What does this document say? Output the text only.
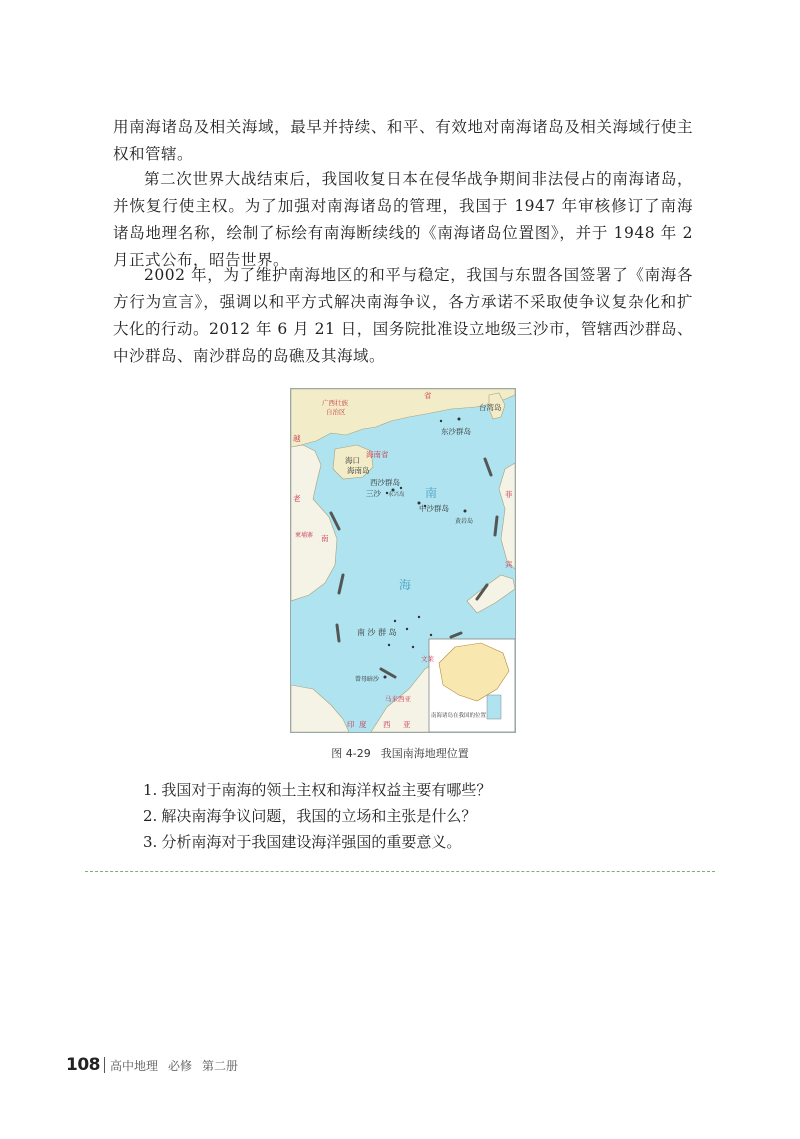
用南海诸岛及相关海域，最早并持续、和平、有效地对南海诸岛及相关海域行使主权和管辖。

第二次世界大战结束后，我国收复日本在侵华战争期间非法侵占的南海诸岛，并恢复行使主权。为了加强对南海诸岛的管理，我国于 1947 年审核修订了南海诸岛地理名称，绘制了标绘有南海断续线的《南海诸岛位置图》，并于 1948 年 2 月正式公布，昭告世界。

2002 年，为了维护南海地区的和平与稳定，我国与东盟各国签署了《南海各方行为宣言》，强调以和平方式解决南海争议，各方承诺不采取使争议复杂化和扩大化的行动。2012 年 6 月 21 日，国务院批准设立地级三沙市，管辖西沙群岛、中沙群岛、南沙群岛的岛礁及其海域。

省
广西壮族
自治区	台湾岛
东沙群岛
海口
海南省
海南岛
西沙群岛
三沙 永兴岛
中沙群岛
黄岩岛
南
海
南 沙 群 岛
曾母暗沙
越
老
南
柬埔寨
菲
宾
文莱
印 度 西 亚
马来西亚
南海诸岛在我国的位置
图 4-29 我国南海地理位置
1. 我国对于南海的领土主权和海洋权益主要有哪些？
2. 解决南海争议问题，我国的立场和主张是什么？
3. 分析南海对于我国建设海洋强国的重要意义。
108 高中地理 必修 第二册
